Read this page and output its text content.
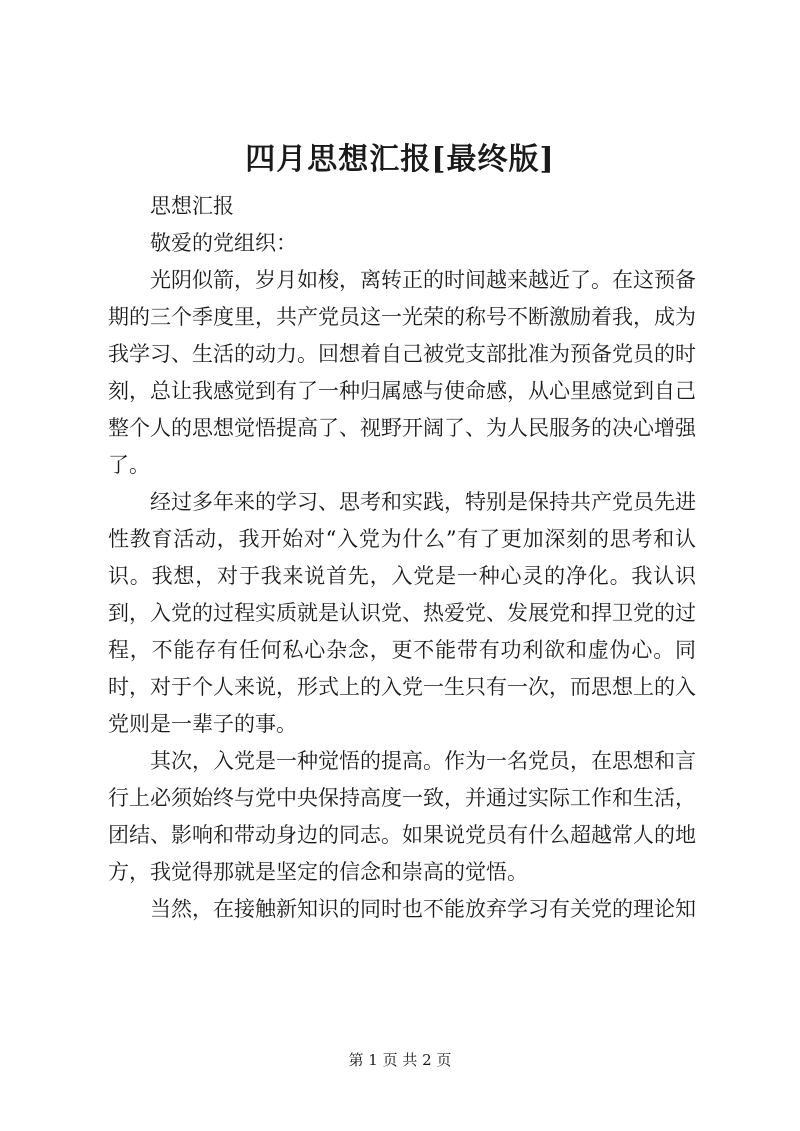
四月思想汇报[最终版]

思想汇报

敬爱的党组织：

光阴似箭，岁月如梭，离转正的时间越来越近了。在这预备期的三个季度里，共产党员这一光荣的称号不断激励着我，成为我学习、生活的动力。回想着自己被党支部批准为预备党员的时刻，总让我感觉到有了一种归属感与使命感，从心里感觉到自己整个人的思想觉悟提高了、视野开阔了、为人民服务的决心增强了。

经过多年来的学习、思考和实践，特别是保持共产党员先进性教育活动，我开始对“入党为什么”有了更加深刻的思考和认识。我想，对于我来说首先，入党是一种心灵的净化。我认识到，入党的过程实质就是认识党、热爱党、发展党和捍卫党的过程，不能存有任何私心杂念，更不能带有功利欲和虚伪心。同时，对于个人来说，形式上的入党一生只有一次，而思想上的入党则是一辈子的事。

其次，入党是一种觉悟的提高。作为一名党员，在思想和言行上必须始终与党中央保持高度一致，并通过实际工作和生活，团结、影响和带动身边的同志。如果说党员有什么超越常人的地方，我觉得那就是坚定的信念和崇高的觉悟。

当然，在接触新知识的同时也不能放弃学习有关党的理论知

第 1 页 共 2 页
